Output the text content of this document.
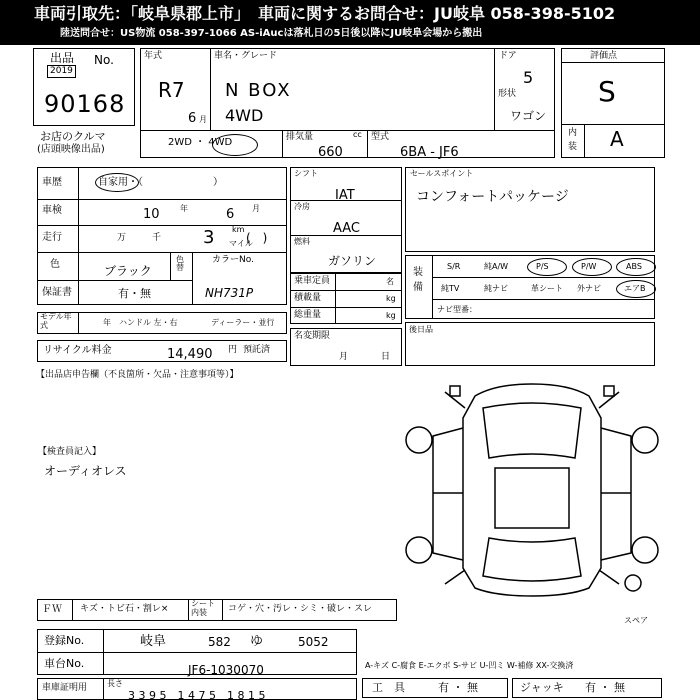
車両引取先：「岐阜県郡上市」　車両に関するお問合せ：JU岐阜 058-398-5102
陸送問合せ：US物流 058-397-1066 AS-iAucは落札日の5日後以降にJU岐阜会場から搬出
出品 No.
2019
90168
お店のクルマ
(店頭映像出品)
年式
R7
6 月
車名・グレード
N BOX
4WD
ドア
5
形状
ワゴン
2WD ・ 4WD	排気量	cc
660
型式
6BA - JF6
評価点
S
内
装 A
車歴	自家用・（　　　　　　　）
車検	10	年	6 月
走行	万	千 3 km
マイル
(　)
色	ブラック
色替
カラーNo.
NH731P
保証書	有・無
モデル年式	年 ハンドル 左・右	ディーラー・並行
リサイクル料金	14,490 円 預託済
シフト
IAT
冷房
AAC
燃料
ガソリン
乗車定員	名
積載量	kg
総重量	kg
名変期限
月	日
セールスポイント
コンフォートパッケージ
装
備
S/R	純A/W	P/S	P/W	ABS
純TV	純ナビ	革シート 外ナビ	エアB
ナビ型番：
後日品
【出品店申告欄（不良箇所・欠品・注意事項等）】
【検査員記入】
オーディオレス
スペア
ＦＷ キズ・トビ石・割レ×
シート内装	コゲ・穴・汚レ・シミ・破レ・スレ
登録No.	岐阜	582 ゆ	5052
車台No.	JF6-1030070	A-キズ C-腐食 E-エクボ S-サビ U-凹ミ W-補修 XX-交換済
車庫証明用 長さ
3 3 9 5　1 4 7 5　1 8 1 5
工　具	有 ・ 無	ジャッキ 有 ・ 無
